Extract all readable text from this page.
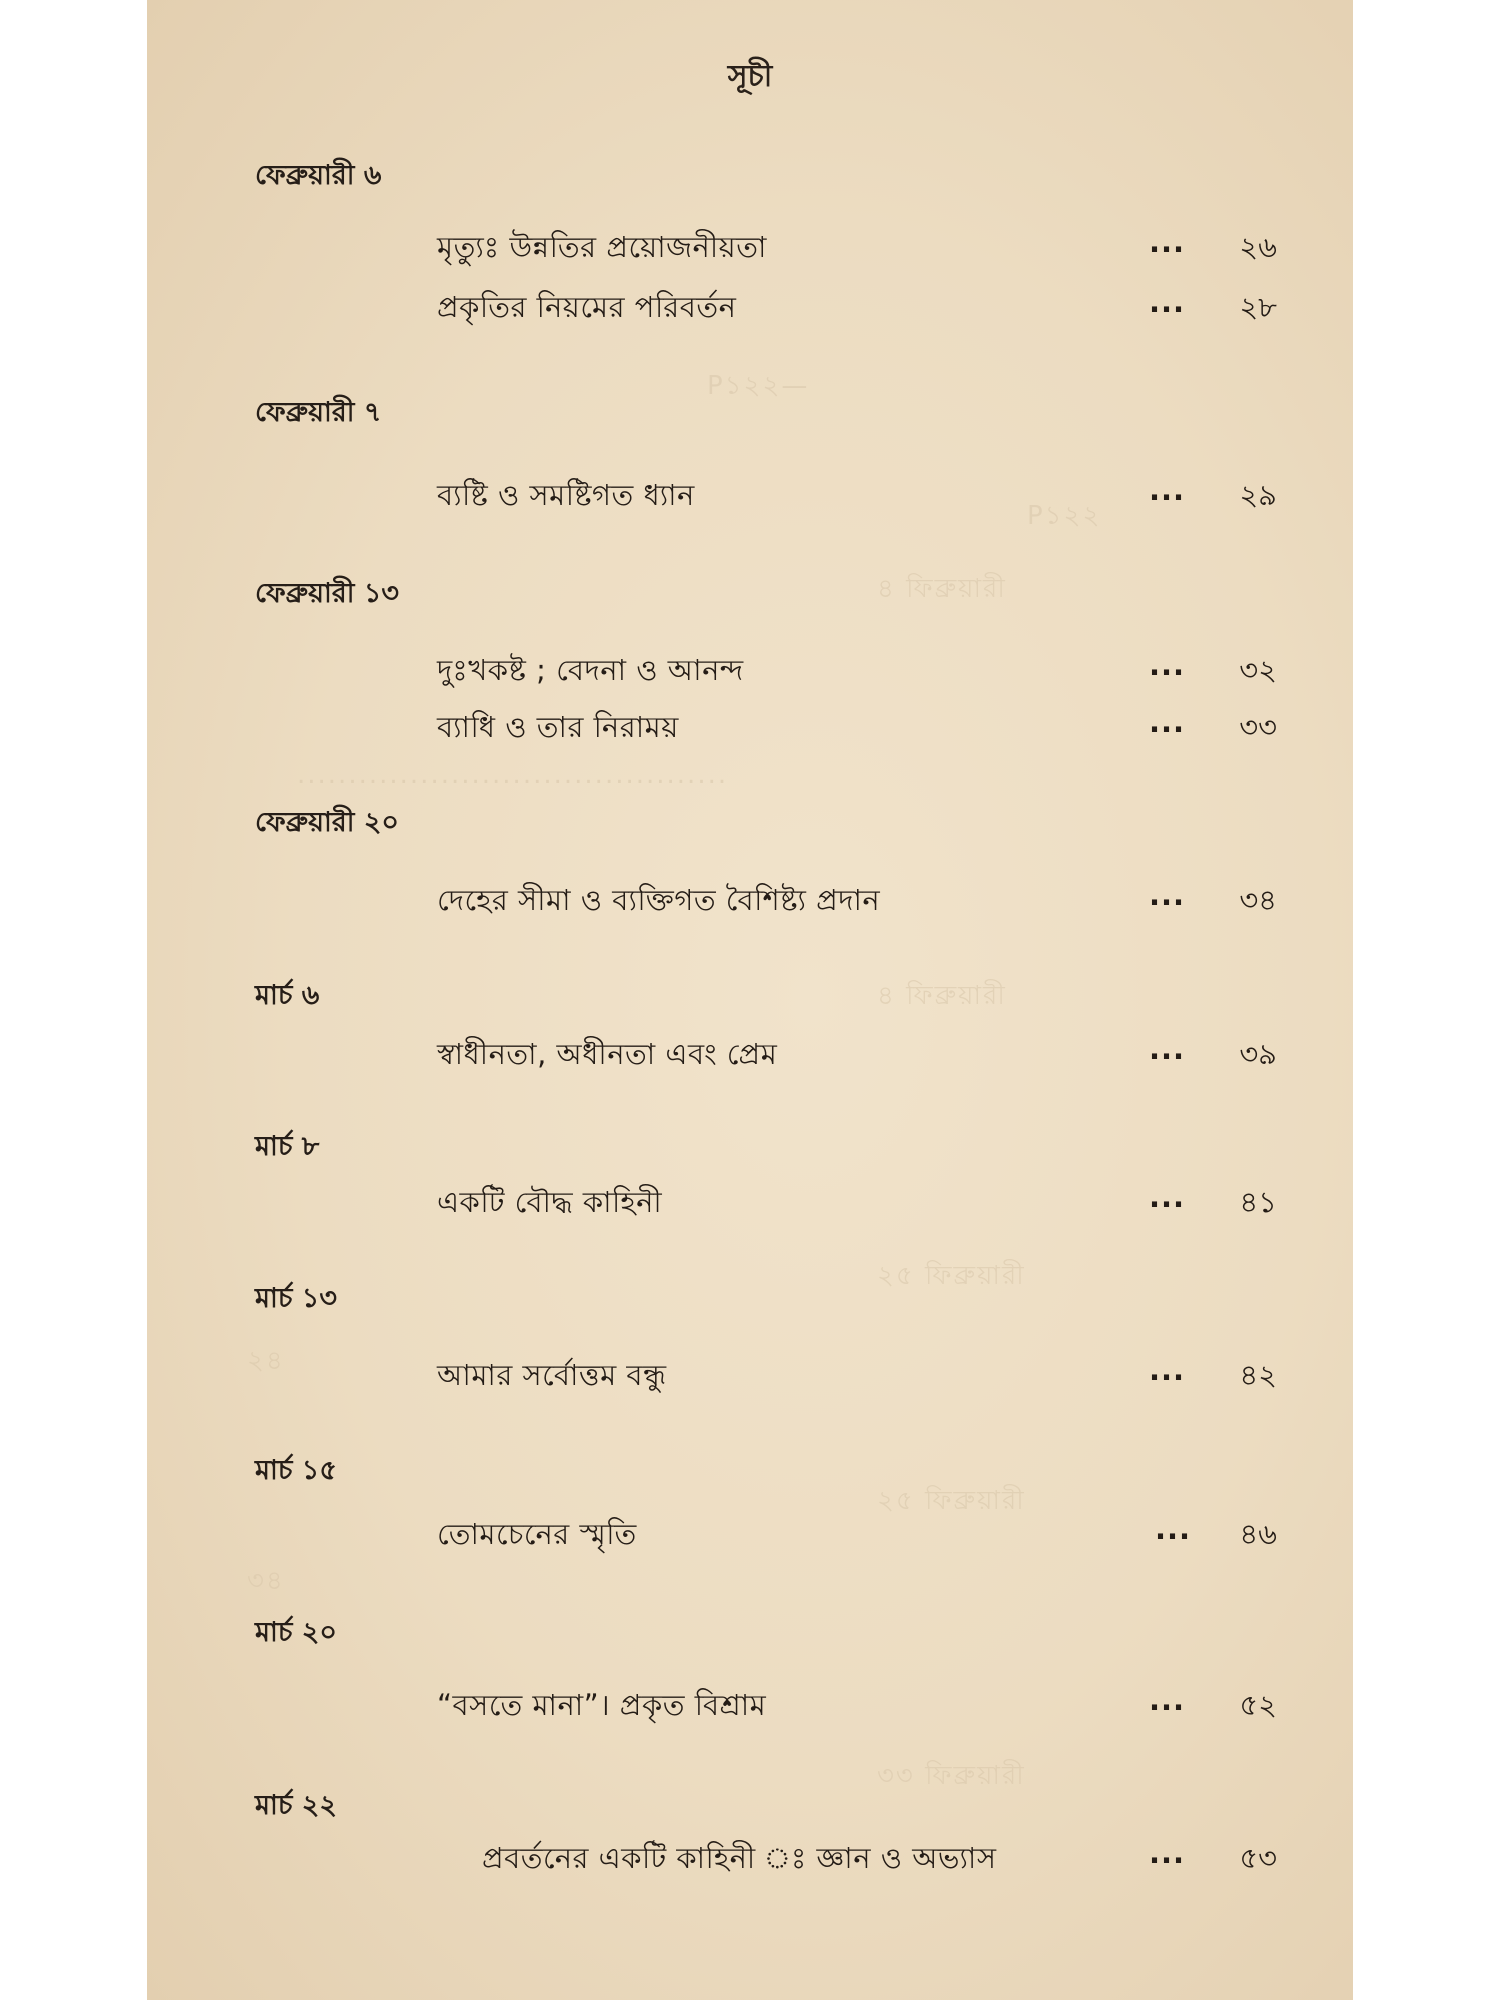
P১২২—
P১২২
৪ ফিব্রুয়ারী
..........................................
৪ ফিব্রুয়ারী
২৫ ফিব্রুয়ারী
২৪
২৫ ফিব্রুয়ারী
৩৪
৩৩ ফিব্রুয়ারী
সূচী
ফেব্রুয়ারী ৬
মৃত্যুঃ উন্নতির প্রয়োজনীয়তা	... ২৬
প্রকৃতির নিয়মের পরিবর্তন	... ২৮
ফেব্রুয়ারী ৭
ব্যষ্টি ও সমষ্টিগত ধ্যান	... ২৯
ফেব্রুয়ারী ১৩
দুঃখকষ্ট ; বেদনা ও আনন্দ	... ৩২
ব্যাধি ও তার নিরাময়	... ৩৩
ফেব্রুয়ারী ২০
দেহের সীমা ও ব্যক্তিগত বৈশিষ্ট্য প্রদান	... ৩৪
মার্চ ৬
স্বাধীনতা, অধীনতা এবং প্রেম	... ৩৯
মার্চ ৮
একটি বৌদ্ধ কাহিনী	... ৪১
মার্চ ১৩
আমার সর্বোত্তম বন্ধু	... ৪২
মার্চ ১৫
তোমচেনের স্মৃতি	... ৪৬
মার্চ ২০
“বসতে মানা”। প্রকৃত বিশ্রাম	... ৫২
মার্চ ২২
প্রবর্তনের একটি কাহিনী ঃ জ্ঞান ও অভ্যাস	... ৫৩
